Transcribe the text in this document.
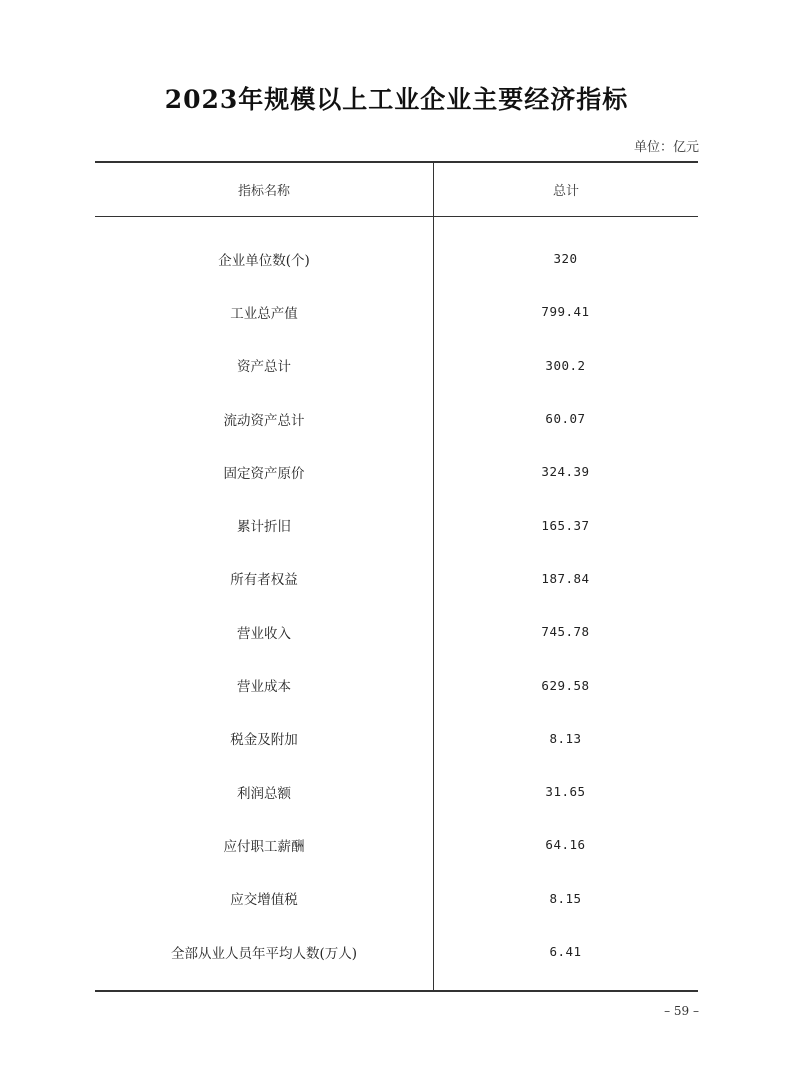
2023年规模以上工业企业主要经济指标
单位：亿元
指标名称	总计
企业单位数(个)	320
工业总产值	799.41
资产总计	300.2
流动资产总计	60.07
固定资产原价	324.39
累计折旧	165.37
所有者权益	187.84
营业收入	745.78
营业成本	629.58
税金及附加	8.13
利润总额	31.65
应付职工薪酬	64.16
应交增值税	8.15
全部从业人员年平均人数(万人)	6.41
– 59 –
